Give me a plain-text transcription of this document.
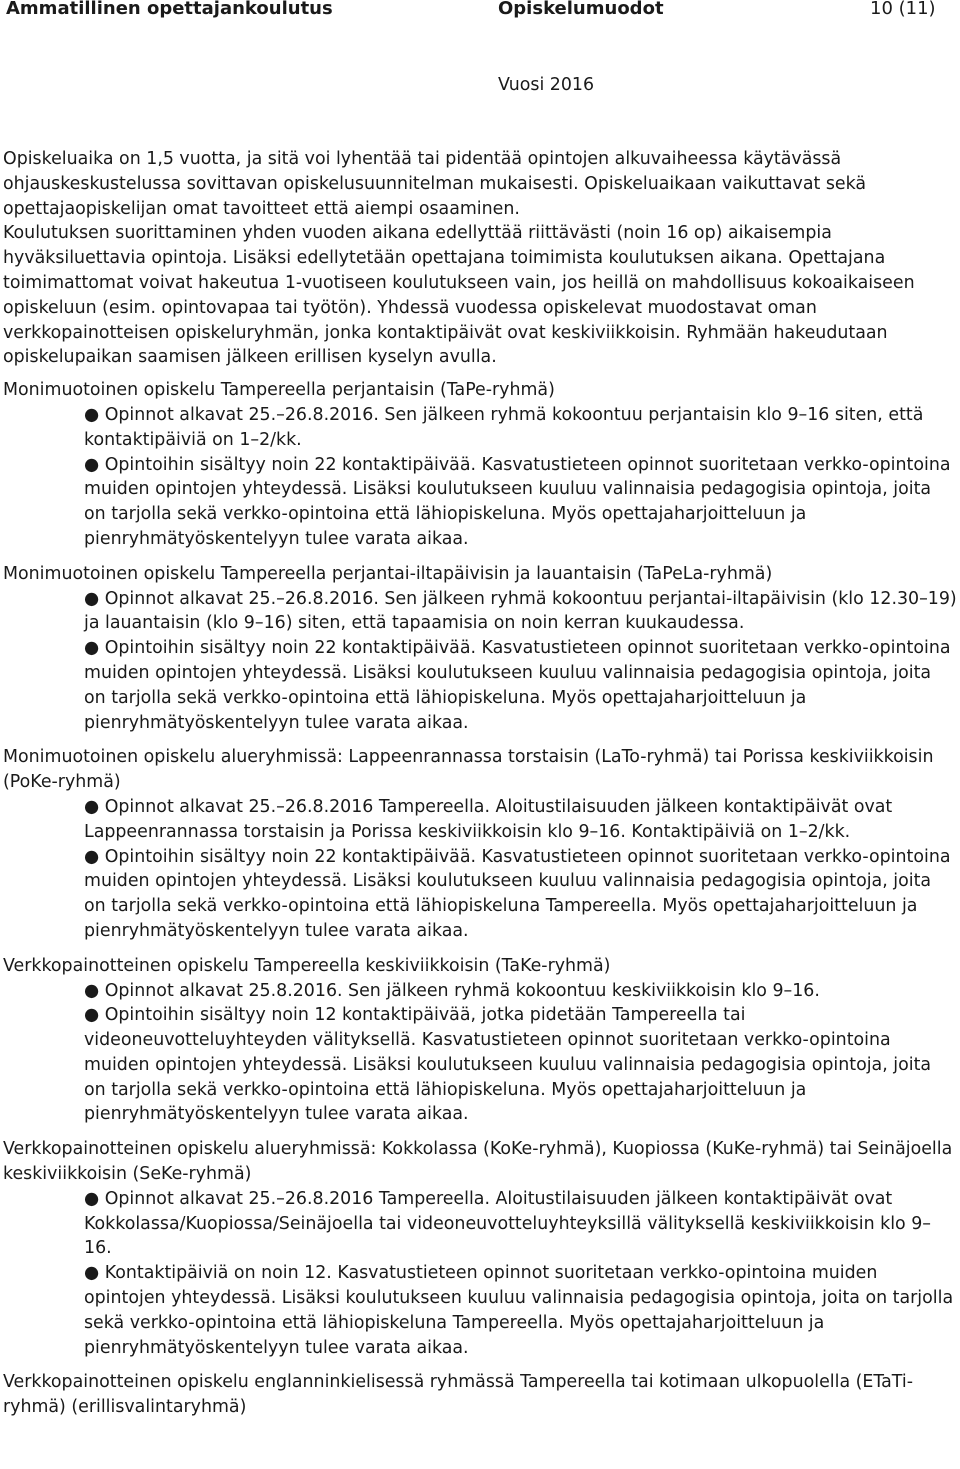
Ammatillinen opettajankoulutus	Opiskelumuodot	10 (11)
Vuosi 2016

Opiskeluaika on 1,5 vuotta, ja sitä voi lyhentää tai pidentää opintojen alkuvaiheessa käytävässä ohjauskeskustelussa sovittavan opiskelusuunnitelman mukaisesti. Opiskeluaikaan vaikuttavat sekä opettajaopiskelijan omat tavoitteet että aiempi osaaminen.

Koulutuksen suorittaminen yhden vuoden aikana edellyttää riittävästi (noin 16 op) aikaisempia hyväksiluettavia opintoja. Lisäksi edellytetään opettajana toimimista koulutuksen aikana. Opettajana toimimattomat voivat hakeutua 1-vuotiseen koulutukseen vain, jos heillä on mahdollisuus kokoaikaiseen opiskeluun (esim. opintovapaa tai työtön). Yhdessä vuodessa opiskelevat muodostavat oman verkkopainotteisen opiskeluryhmän, jonka kontaktipäivät ovat keskiviikkoisin. Ryhmään hakeudutaan opiskelupaikan saamisen jälkeen erillisen kyselyn avulla.

Monimuotoinen opiskelu Tampereella perjantaisin (TaPe-ryhmä)

● Opinnot alkavat 25.–26.8.2016. Sen jälkeen ryhmä kokoontuu perjantaisin klo 9–16 siten, että kontaktipäiviä on 1–2/kk.

● Opintoihin sisältyy noin 22 kontaktipäivää. Kasvatustieteen opinnot suoritetaan verkko-opintoina muiden opintojen yhteydessä. Lisäksi koulutukseen kuuluu valinnaisia pedagogisia opintoja, joita on tarjolla sekä verkko-opintoina että lähiopiskeluna. Myös opettajaharjoitteluun ja pienryhmätyöskentelyyn tulee varata aikaa.

Monimuotoinen opiskelu Tampereella perjantai-iltapäivisin ja lauantaisin (TaPeLa-ryhmä)

● Opinnot alkavat 25.–26.8.2016. Sen jälkeen ryhmä kokoontuu perjantai-iltapäivisin (klo 12.30–19) ja lauantaisin (klo 9–16) siten, että tapaamisia on noin kerran kuukaudessa.

● Opintoihin sisältyy noin 22 kontaktipäivää. Kasvatustieteen opinnot suoritetaan verkko-opintoina muiden opintojen yhteydessä. Lisäksi koulutukseen kuuluu valinnaisia pedagogisia opintoja, joita on tarjolla sekä verkko-opintoina että lähiopiskeluna. Myös opettajaharjoitteluun ja pienryhmätyöskentelyyn tulee varata aikaa.

Monimuotoinen opiskelu alueryhmissä: Lappeenrannassa torstaisin (LaTo-ryhmä) tai Porissa keskiviikkoisin (PoKe-ryhmä)

● Opinnot alkavat 25.–26.8.2016 Tampereella. Aloitustilaisuuden jälkeen kontaktipäivät ovat Lappeenrannassa torstaisin ja Porissa keskiviikkoisin klo 9–16. Kontaktipäiviä on 1–2/kk.

● Opintoihin sisältyy noin 22 kontaktipäivää. Kasvatustieteen opinnot suoritetaan verkko-opintoina muiden opintojen yhteydessä. Lisäksi koulutukseen kuuluu valinnaisia pedagogisia opintoja, joita on tarjolla sekä verkko-opintoina että lähiopiskeluna Tampereella. Myös opettajaharjoitteluun ja pienryhmätyöskentelyyn tulee varata aikaa.

Verkkopainotteinen opiskelu Tampereella keskiviikkoisin (TaKe-ryhmä)

● Opinnot alkavat 25.8.2016. Sen jälkeen ryhmä kokoontuu keskiviikkoisin klo 9–16.

● Opintoihin sisältyy noin 12 kontaktipäivää, jotka pidetään Tampereella tai videoneuvotteluyhteyden välityksellä. Kasvatustieteen opinnot suoritetaan verkko-opintoina muiden opintojen yhteydessä. Lisäksi koulutukseen kuuluu valinnaisia pedagogisia opintoja, joita on tarjolla sekä verkko-opintoina että lähiopiskeluna. Myös opettajaharjoitteluun ja pienryhmätyöskentelyyn tulee varata aikaa.

Verkkopainotteinen opiskelu alueryhmissä: Kokkolassa (KoKe-ryhmä), Kuopiossa (KuKe-ryhmä) tai Seinäjoella keskiviikkoisin (SeKe-ryhmä)

● Opinnot alkavat 25.–26.8.2016 Tampereella. Aloitustilaisuuden jälkeen kontaktipäivät ovat Kokkolassa/Kuopiossa/Seinäjoella tai videoneuvotteluyhteyksillä välityksellä keskiviikkoisin klo 9–16.

● Kontaktipäiviä on noin 12. Kasvatustieteen opinnot suoritetaan verkko-opintoina muiden opintojen yhteydessä. Lisäksi koulutukseen kuuluu valinnaisia pedagogisia opintoja, joita on tarjolla sekä verkko-opintoina että lähiopiskeluna Tampereella. Myös opettajaharjoitteluun ja pienryhmätyöskentelyyn tulee varata aikaa.

Verkkopainotteinen opiskelu englanninkielisessä ryhmässä Tampereella tai kotimaan ulkopuolella (ETaTi-ryhmä) (erillisvalintaryhmä)
